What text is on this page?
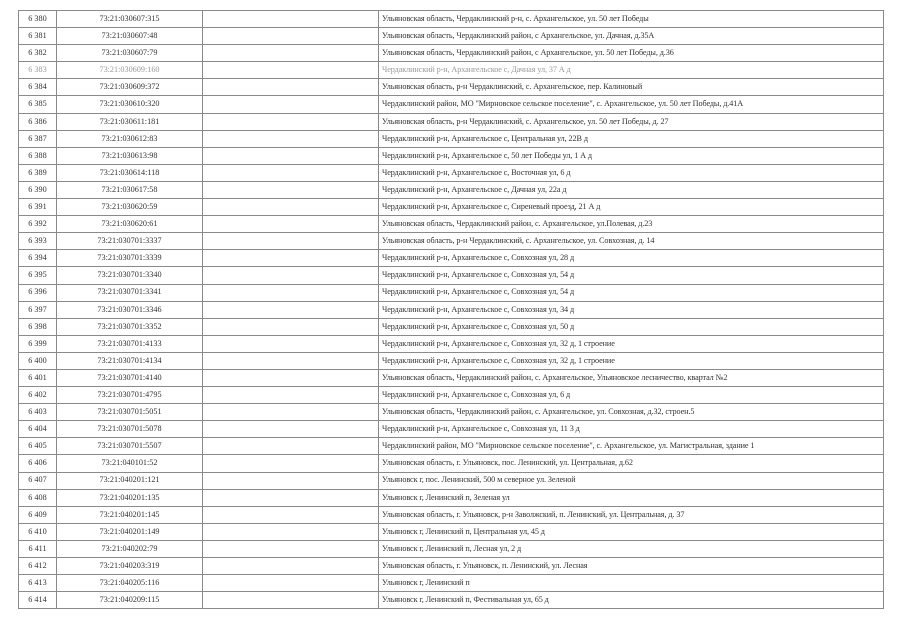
6 380	73:21:030607:315		Ульяновская область, Чердаклинский р-н, с. Архангельское, ул. 50 лет Победы
6 381	73:21:030607:48		Ульяновская область, Чердаклинский район, с Архангельское, ул. Дачная, д.35А
6 382	73:21:030607:79		Ульяновская область, Чердаклинский район, с Архангельское, ул. 50 лет Победы, д.36
6 383	73:21:030609:160		Чердаклинский р-н, Архангельское с, Дачная ул, 37 А д
6 384	73:21:030609:372		Ульяновская область, р-н Чердаклинский, с. Архангельское, пер. Калиновый
6 385	73:21:030610:320		Чердаклинский район, МО "Мирновское сельское поселение", с. Архангельское, ул. 50 лет Победы, д.41А
6 386	73:21:030611:181		Ульяновская область, р-н Чердаклинский, с. Архангельское, ул. 50 лет Победы, д. 27
6 387	73:21:030612:83		Чердаклинский р-н, Архангельское с, Центральная ул, 22В д
6 388	73:21:030613:98		Чердаклинский р-н, Архангельское с, 50 лет Победы ул, 1 А д
6 389	73:21:030614:118		Чердаклинский р-н, Архангельское с, Восточная ул, 6 д
6 390	73:21:030617:58		Чердаклинский р-н, Архангельское с, Дачная ул, 22а д
6 391	73:21:030620:59		Чердаклинский р-н, Архангельское с, Сиреневый проезд, 21 А д
6 392	73:21:030620:61		Ульяновская область, Чердаклинский район, с. Архангельское, ул.Полевая, д.23
6 393	73:21:030701:3337		Ульяновская область, р-н Чердаклинский, с. Архангельское, ул. Совхозная, д. 14
6 394	73:21:030701:3339		Чердаклинский р-н, Архангельское с, Совхозная ул, 28 д
6 395	73:21:030701:3340		Чердаклинский р-н, Архангельское с, Совхозная ул, 54 д
6 396	73:21:030701:3341		Чердаклинский р-н, Архангельское с, Совхозная ул, 54 д
6 397	73:21:030701:3346		Чердаклинский р-н, Архангельское с, Совхозная ул, 34 д
6 398	73:21:030701:3352		Чердаклинский р-н, Архангельское с, Совхозная ул, 50 д
6 399	73:21:030701:4133		Чердаклинский р-н, Архангельское с, Совхозная ул, 32 д, 1 строение
6 400	73:21:030701:4134		Чердаклинский р-н, Архангельское с, Совхозная ул, 32 д, 1 строение
6 401	73:21:030701:4140		Ульяновская область, Чердаклинский район, с. Архангельское, Ульяновское лесничество, квартал №2
6 402	73:21:030701:4795		Чердаклинский р-н, Архангельское с, Совхозная ул, 6 д
6 403	73:21:030701:5051		Ульяновская область, Чердаклинский район, с. Архангельское, ул. Совхозная, д.32, строен.5
6 404	73:21:030701:5078		Чердаклинский р-н, Архангельское с, Совхозная ул, 11 3 д
6 405	73:21:030701:5507		Чердаклинский район, МО "Мирновское сельское поселение", с. Архангельское, ул. Магистральная, здание 1
6 406	73:21:040101:52		Ульяновская область, г. Ульяновск, пос. Ленинский, ул. Центральная, д.62
6 407	73:21:040201:121		Ульяновск г, пос. Ленинский, 500 м северное ул. Зеленой
6 408	73:21:040201:135		Ульяновск г, Ленинский п, Зеленая ул
6 409	73:21:040201:145		Ульяновская область, г. Ульяновск, р-н Заволжский, п. Ленинский, ул. Центральная, д. 37
6 410	73:21:040201:149		Ульяновск г, Ленинский п, Центральная ул, 45 д
6 411	73:21:040202:79		Ульяновск г, Ленинский п, Лесная ул, 2 д
6 412	73:21:040203:319		Ульяновская область, г. Ульяновск, п. Ленинский, ул. Лесная
6 413	73:21:040205:116		Ульяновск г, Ленинский п
6 414	73:21:040209:115		Ульяновск г, Ленинский п, Фестивальная ул, 65 д
